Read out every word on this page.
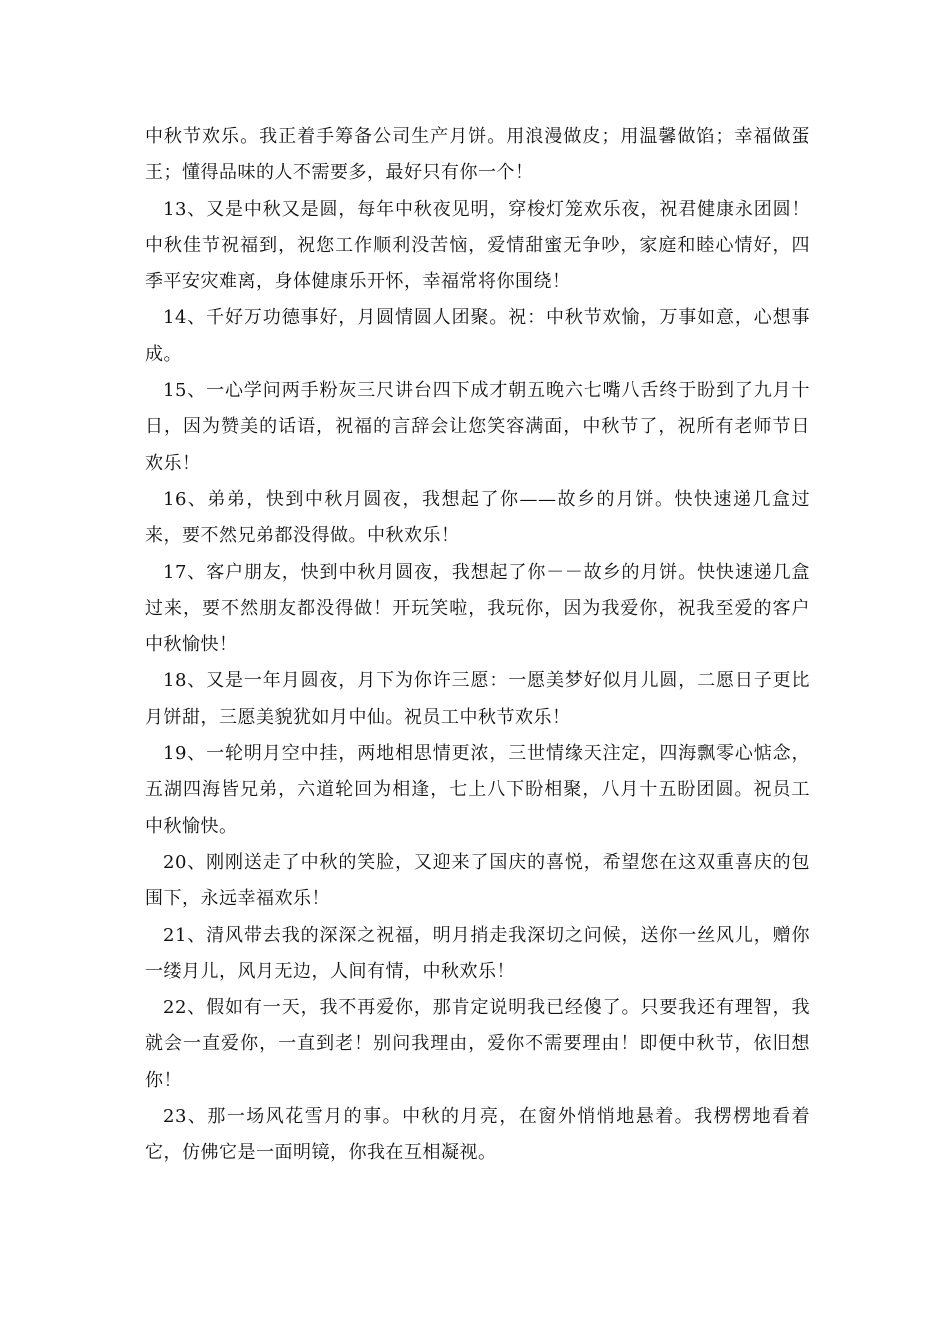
中秋节欢乐。我正着手筹备公司生产月饼。用浪漫做皮；用温馨做馅；幸福做蛋王；懂得品味的人不需要多，最好只有你一个！

13、又是中秋又是圆，每年中秋夜见明，穿梭灯笼欢乐夜，祝君健康永团圆！中秋佳节祝福到，祝您工作顺利没苦恼，爱情甜蜜无争吵，家庭和睦心情好，四季平安灾难离，身体健康乐开怀，幸福常将你围绕！

14、千好万功德事好，月圆情圆人团聚。祝：中秋节欢愉，万事如意，心想事成。

15、一心学问两手粉灰三尺讲台四下成才朝五晚六七嘴八舌终于盼到了九月十日，因为赞美的话语，祝福的言辞会让您笑容满面，中秋节了，祝所有老师节日欢乐！

16、弟弟，快到中秋月圆夜，我想起了你——故乡的月饼。快快速递几盒过来，要不然兄弟都没得做。中秋欢乐！

17、客户朋友，快到中秋月圆夜，我想起了你－－故乡的月饼。快快速递几盒过来，要不然朋友都没得做！开玩笑啦，我玩你，因为我爱你，祝我至爱的客户中秋愉快！

18、又是一年月圆夜，月下为你许三愿：一愿美梦好似月儿圆，二愿日子更比月饼甜，三愿美貌犹如月中仙。祝员工中秋节欢乐！

19、一轮明月空中挂，两地相思情更浓，三世情缘天注定，四海飘零心惦念，五湖四海皆兄弟，六道轮回为相逢，七上八下盼相聚，八月十五盼团圆。祝员工中秋愉快。

20、刚刚送走了中秋的笑脸，又迎来了国庆的喜悦，希望您在这双重喜庆的包围下，永远幸福欢乐！

21、清风带去我的深深之祝福，明月捎走我深切之问候，送你一丝风儿，赠你一缕月儿，风月无边，人间有情，中秋欢乐！

22、假如有一天，我不再爱你，那肯定说明我已经傻了。只要我还有理智，我就会一直爱你，一直到老！别问我理由，爱你不需要理由！即便中秋节，依旧想你！

23、那一场风花雪月的事。中秋的月亮，在窗外悄悄地悬着。我楞楞地看着它，仿佛它是一面明镜，你我在互相凝视。
